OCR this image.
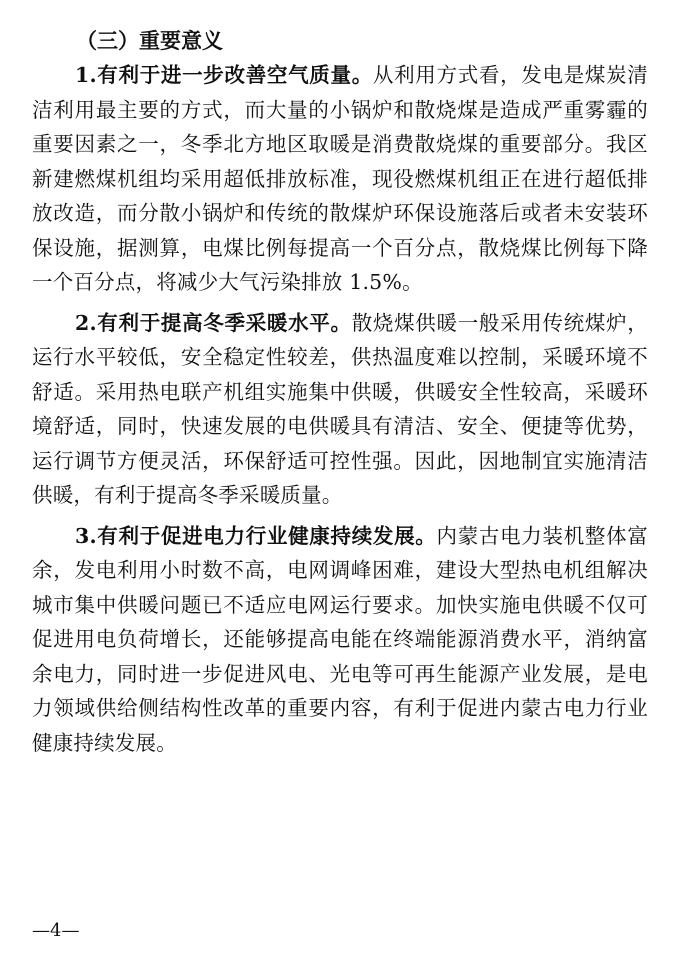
（三）重要意义

1.有利于进一步改善空气质量。从利用方式看，发电是煤炭清洁利用最主要的方式，而大量的小锅炉和散烧煤是造成严重雾霾的重要因素之一，冬季北方地区取暖是消费散烧煤的重要部分。我区新建燃煤机组均采用超低排放标准，现役燃煤机组正在进行超低排放改造，而分散小锅炉和传统的散煤炉环保设施落后或者未安装环保设施，据测算，电煤比例每提高一个百分点，散烧煤比例每下降一个百分点，将减少大气污染排放 1.5%。

2.有利于提高冬季采暖水平。散烧煤供暖一般采用传统煤炉，运行水平较低，安全稳定性较差，供热温度难以控制，采暖环境不舒适。采用热电联产机组实施集中供暖，供暖安全性较高，采暖环境舒适，同时，快速发展的电供暖具有清洁、安全、便捷等优势，运行调节方便灵活，环保舒适可控性强。因此，因地制宜实施清洁供暖，有利于提高冬季采暖质量。

3.有利于促进电力行业健康持续发展。内蒙古电力装机整体富余，发电利用小时数不高，电网调峰困难，建设大型热电机组解决城市集中供暖问题已不适应电网运行要求。加快实施电供暖不仅可促进用电负荷增长，还能够提高电能在终端能源消费水平，消纳富余电力，同时进一步促进风电、光电等可再生能源产业发展，是电力领域供给侧结构性改革的重要内容，有利于促进内蒙古电力行业健康持续发展。

—4—
